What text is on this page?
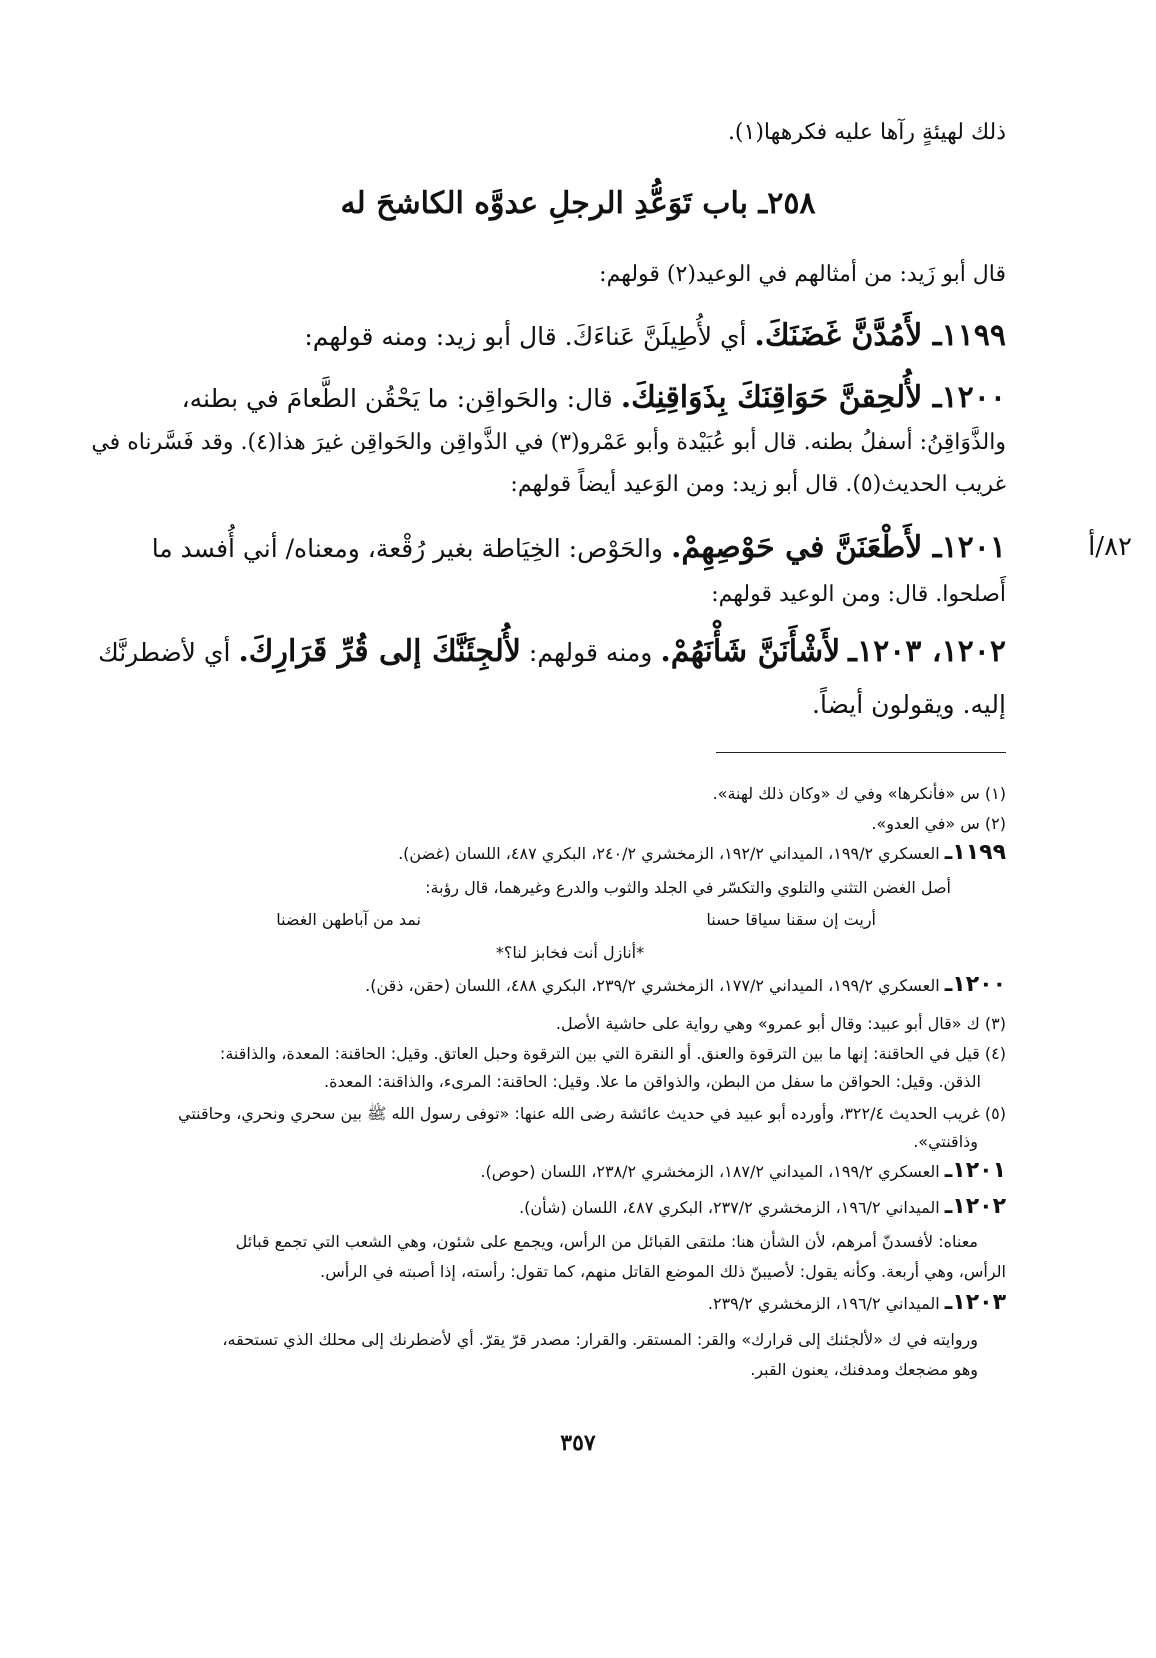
ذلك لهيئةٍ رآها عليه فكرهها(١).
٢٥٨ـ باب تَوَعُّدِ الرجلِ عدوَّه الكاشحَ له
قال أبو زَيد: من أمثالهم في الوعيد(٢) قولهم:
١١٩٩ـ لأَمُدَّنَّ غَضَنَكَ. أي لأُطِيلَنَّ عَناءَكَ. قال أبو زيد: ومنه قولهم:
١٢٠٠ـ لأُلحِقنَّ حَوَاقِنَكَ بِذَوَاقِنِكَ. قال: والحَواقِن: ما يَحْقُن الطَّعامَ في بطنه،
والذَّوَاقِنُ: أسفلُ بطنه. قال أبو عُبَيْدة وأبو عَمْرو(٣) في الذَّواقِن والحَواقِن غيرَ هذا(٤). وقد فَسَّرناه في
غريب الحديث(٥). قال أبو زيد: ومن الوَعيد أيضاً قولهم:
١٢٠١ـ لأَطْعَنَنَّ في حَوْصِهِمْ. والحَوْص: الخِيَاطة بغير رُقْعة، ومعناه/ أني أُفسد ما	٨٢/أ
أَصلحوا. قال: ومن الوعيد قولهم:
١٢٠٢، ١٢٠٣ـ لأَشْأَنَنَّ شَأْنَهُمْ. ومنه قولهم: لأُلجِئَنَّكَ إلى قُرِّ قَرَارِكَ. أي لأضطرنَّك
إليه. ويقولون أيضاً.
(١) س «فأنكرها» وفي ك «وكان ذلك لهنة».
(٢) س «في العدو».
١١٩٩ـ العسكري ١٩٩/٢، الميداني ١٩٢/٢، الزمخشري ٢٤٠/٢، البكري ٤٨٧، اللسان (غضن).
أصل الغضن التثني والتلوي والتكسّر في الجلد والثوب والدرع وغيرهما، قال رؤبة:
أريت إن سقنا سياقا حسنا
نمد من آباطهن الغضنا
*أنازل أنت فخابز لنا؟*
١٢٠٠ـ العسكري ١٩٩/٢، الميداني ١٧٧/٢، الزمخشري ٢٣٩/٢، البكري ٤٨٨، اللسان (حقن، ذقن).
(٣) ك «قال أبو عبيد: وقال أبو عمرو» وهي رواية على حاشية الأصل.
(٤) قيل في الحاقنة: إنها ما بين الترقوة والعنق. أو النقرة التي بين الترقوة وحبل العاتق. وقيل: الحاقنة: المعدة، والذاقنة:
الذقن. وقيل: الحواقن ما سفل من البطن، والذواقن ما علا. وقيل: الحاقنة: المرىء، والذاقنة: المعدة.
(٥) غريب الحديث ٣٢٢/٤، وأورده أبو عبيد في حديث عائشة رضى الله عنها: «توفى رسول الله ﷺ بين سحري ونحري، وحاقنتي
وذاقنتي».
١٢٠١ـ العسكري ١٩٩/٢، الميداني ١٨٧/٢، الزمخشري ٢٣٨/٢، اللسان (حوص).
١٢٠٢ـ الميداني ١٩٦/٢، الزمخشري ٢٣٧/٢، البكري ٤٨٧، اللسان (شأن).
معناه: لأفسدنّ أمرهم، لأن الشأن هنا: ملتقى القبائل من الرأس، ويجمع على شئون، وهي الشعب التي تجمع قبائل
الرأس، وهي أربعة. وكأنه يقول: لأصيبنّ ذلك الموضع القاتل منهم، كما تقول: رأسته، إذا أصبته في الرأس.
١٢٠٣ـ الميداني ١٩٦/٢، الزمخشري ٢٣٩/٢.
وروايته في ك «لألجئنك إلى قرارك» والقر: المستقر. والقرار: مصدر قرّ يقرّ. أي لأضطرنك إلى محلك الذي تستحقه،
وهو مضجعك ومدفنك، يعنون القبر.
٣٥٧
